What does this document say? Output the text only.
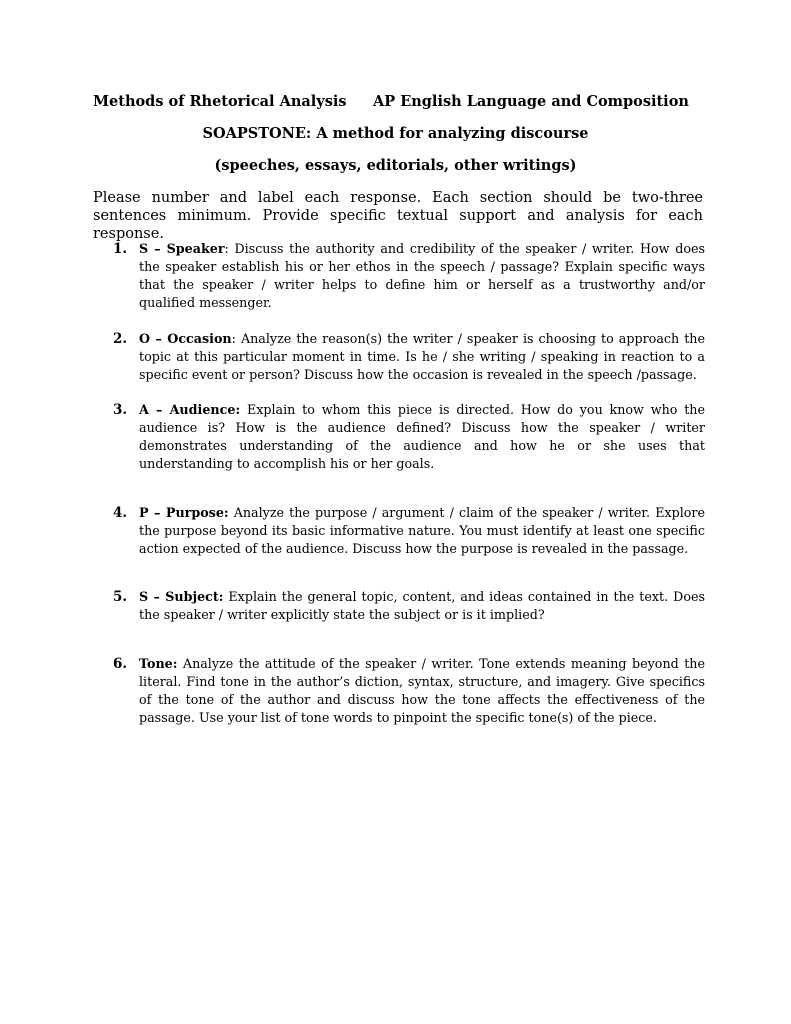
Methods of Rhetorical Analysis AP English Language and Composition
SOAPSTONE: A method for analyzing discourse
(speeches, essays, editorials, other writings)
Please number and label each response. Each section should be two-three sentences minimum. Provide specific textual support and analysis for each response.
1. S – Speaker: Discuss the authority and credibility of the speaker / writer. How does the speaker establish his or her ethos in the speech / passage? Explain specific ways that the speaker / writer helps to define him or herself as a trustworthy and/or qualified messenger.
2. O – Occasion: Analyze the reason(s) the writer / speaker is choosing to approach the topic at this particular moment in time. Is he / she writing / speaking in reaction to a specific event or person? Discuss how the occasion is revealed in the speech /passage.
3. A – Audience: Explain to whom this piece is directed. How do you know who the audience is? How is the audience defined? Discuss how the speaker / writer demonstrates understanding of the audience and how he or she uses that understanding to accomplish his or her goals.
4. P – Purpose: Analyze the purpose / argument / claim of the speaker / writer. Explore the purpose beyond its basic informative nature. You must identify at least one specific action expected of the audience. Discuss how the purpose is revealed in the passage.
5. S – Subject: Explain the general topic, content, and ideas contained in the text. Does the speaker / writer explicitly state the subject or is it implied?
6. Tone: Analyze the attitude of the speaker / writer. Tone extends meaning beyond the literal. Find tone in the author’s diction, syntax, structure, and imagery. Give specifics of the tone of the author and discuss how the tone affects the effectiveness of the passage. Use your list of tone words to pinpoint the specific tone(s) of the piece.
